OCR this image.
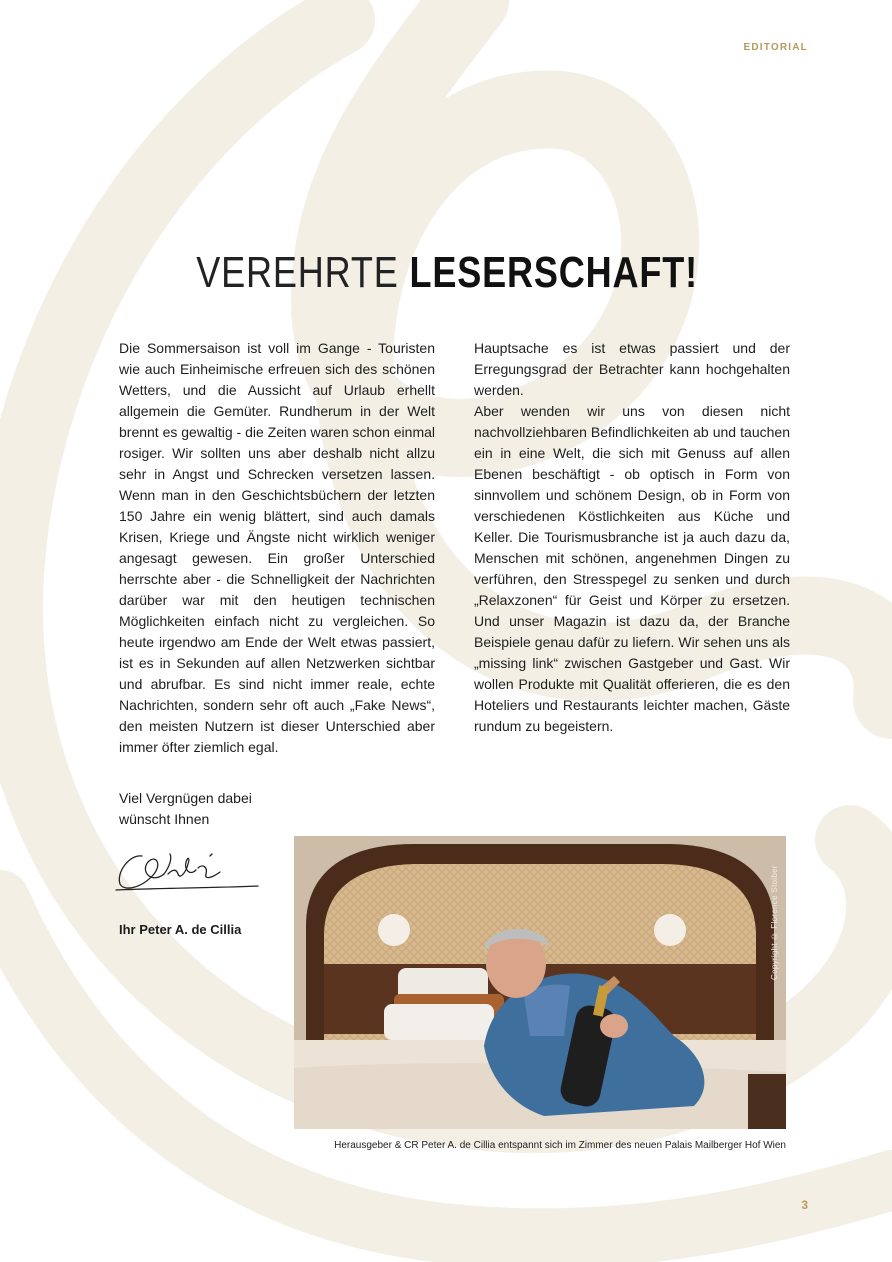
EDITORIAL
VEREHRTE LESERSCHAFT!

Die Sommersaison ist voll im Gange - Touristen wie auch Einheimische erfreuen sich des schönen Wetters, und die Aussicht auf Urlaub erhellt allgemein die Gemüter. Rundherum in der Welt brennt es gewaltig - die Zeiten waren schon einmal rosiger. Wir sollten uns aber deshalb nicht allzu sehr in Angst und Schrecken versetzen lassen. Wenn man in den Geschichtsbüchern der letzten 150 Jahre ein wenig blättert, sind auch damals Krisen, Kriege und Ängste nicht wirklich weniger angesagt gewesen. Ein großer Unterschied herrschte aber - die Schnelligkeit der Nachrichten darüber war mit den heutigen technischen Möglichkeiten einfach nicht zu vergleichen. So heute irgendwo am Ende der Welt etwas passiert, ist es in Sekunden auf allen Netzwerken sichtbar und abrufbar. Es sind nicht immer reale, echte Nachrichten, sondern sehr oft auch „Fake News“, den meisten Nutzern ist dieser Unterschied aber immer öfter ziemlich egal.

Hauptsache es ist etwas passiert und der Erregungsgrad der Betrachter kann hochgehalten werden.

Aber wenden wir uns von diesen nicht nachvollziehbaren Befindlichkeiten ab und tauchen ein in eine Welt, die sich mit Genuss auf allen Ebenen beschäftigt - ob optisch in Form von sinnvollem und schönem Design, ob in Form von verschiedenen Köstlichkeiten aus Küche und Keller. Die Tourismusbranche ist ja auch dazu da, Menschen mit schönen, angenehmen Dingen zu verführen, den Stresspegel zu senken und durch „Relaxzonen“ für Geist und Körper zu ersetzen. Und unser Magazin ist dazu da, der Branche Beispiele genau dafür zu liefern. Wir sehen uns als „missing link“ zwischen Gastgeber und Gast. Wir wollen Produkte mit Qualität offerieren, die es den Hoteliers und Restaurants leichter machen, Gäste rundum zu begeistern.

Viel Vergnügen dabei
wünscht Ihnen
Ihr Peter A. de Cillia	Copyright © Florence Stoiber
Herausgeber & CR Peter A. de Cillia entspannt sich im Zimmer des neuen Palais Mailberger Hof Wien
3
